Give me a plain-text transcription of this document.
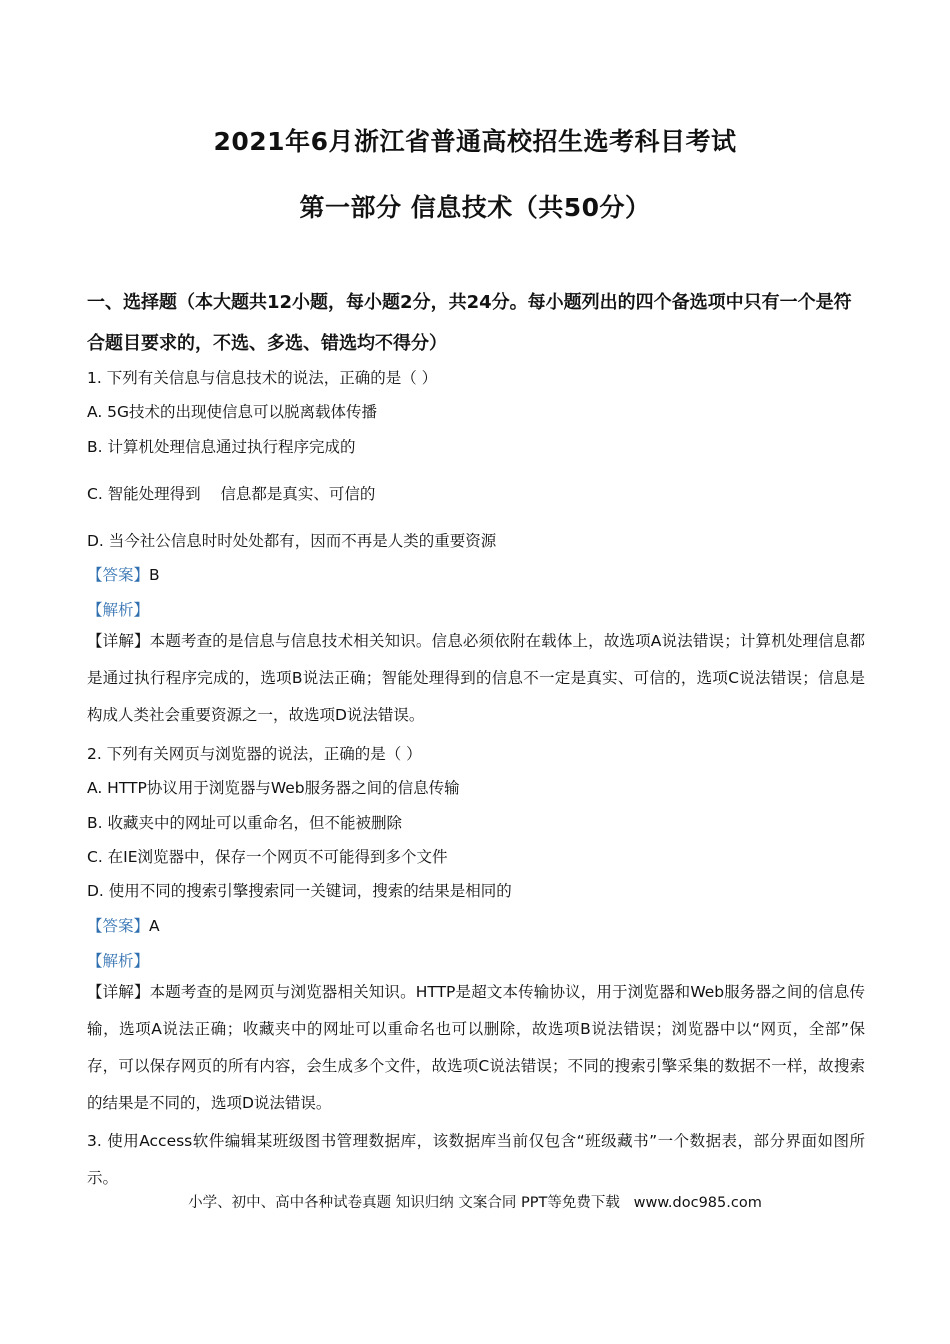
2021年6月浙江省普通高校招生选考科目考试
第一部分 信息技术（共50分）
一、选择题（本大题共12小题，每小题2分，共24分。每小题列出的四个备选项中只有一个是符合题目要求的，不选、多选、错选均不得分）
1. 下列有关信息与信息技术的说法，正确的是（ ）
A. 5G技术的出现使信息可以脱离载体传播
B. 计算机处理信息通过执行程序完成的
C. 智能处理得到    信息都是真实、可信的
D. 当今社公信息时时处处都有，因而不再是人类的重要资源
【答案】B
【解析】
【详解】本题考查的是信息与信息技术相关知识。信息必须依附在载体上，故选项A说法错误；计算机处理信息都是通过执行程序完成的，选项B说法正确；智能处理得到的信息不一定是真实、可信的，选项C说法错误；信息是构成人类社会重要资源之一，故选项D说法错误。
2. 下列有关网页与浏览器的说法，正确的是（ ）
A. HTTP协议用于浏览器与Web服务器之间的信息传输
B. 收藏夹中的网址可以重命名，但不能被删除
C. 在IE浏览器中，保存一个网页不可能得到多个文件
D. 使用不同的搜索引擎搜索同一关键词，搜索的结果是相同的
【答案】A
【解析】
【详解】本题考查的是网页与浏览器相关知识。HTTP是超文本传输协议，用于浏览器和Web服务器之间的信息传输，选项A说法正确；收藏夹中的网址可以重命名也可以删除，故选项B说法错误；浏览器中以“网页，全部”保存，可以保存网页的所有内容，会生成多个文件，故选项C说法错误；不同的搜索引擎采集的数据不一样，故搜索的结果是不同的，选项D说法错误。
3. 使用Access软件编辑某班级图书管理数据库，该数据库当前仅包含“班级藏书”一个数据表，部分界面如图所示。
小学、初中、高中各种试卷真题 知识归纳 文案合同 PPT等免费下载   www.doc985.com
